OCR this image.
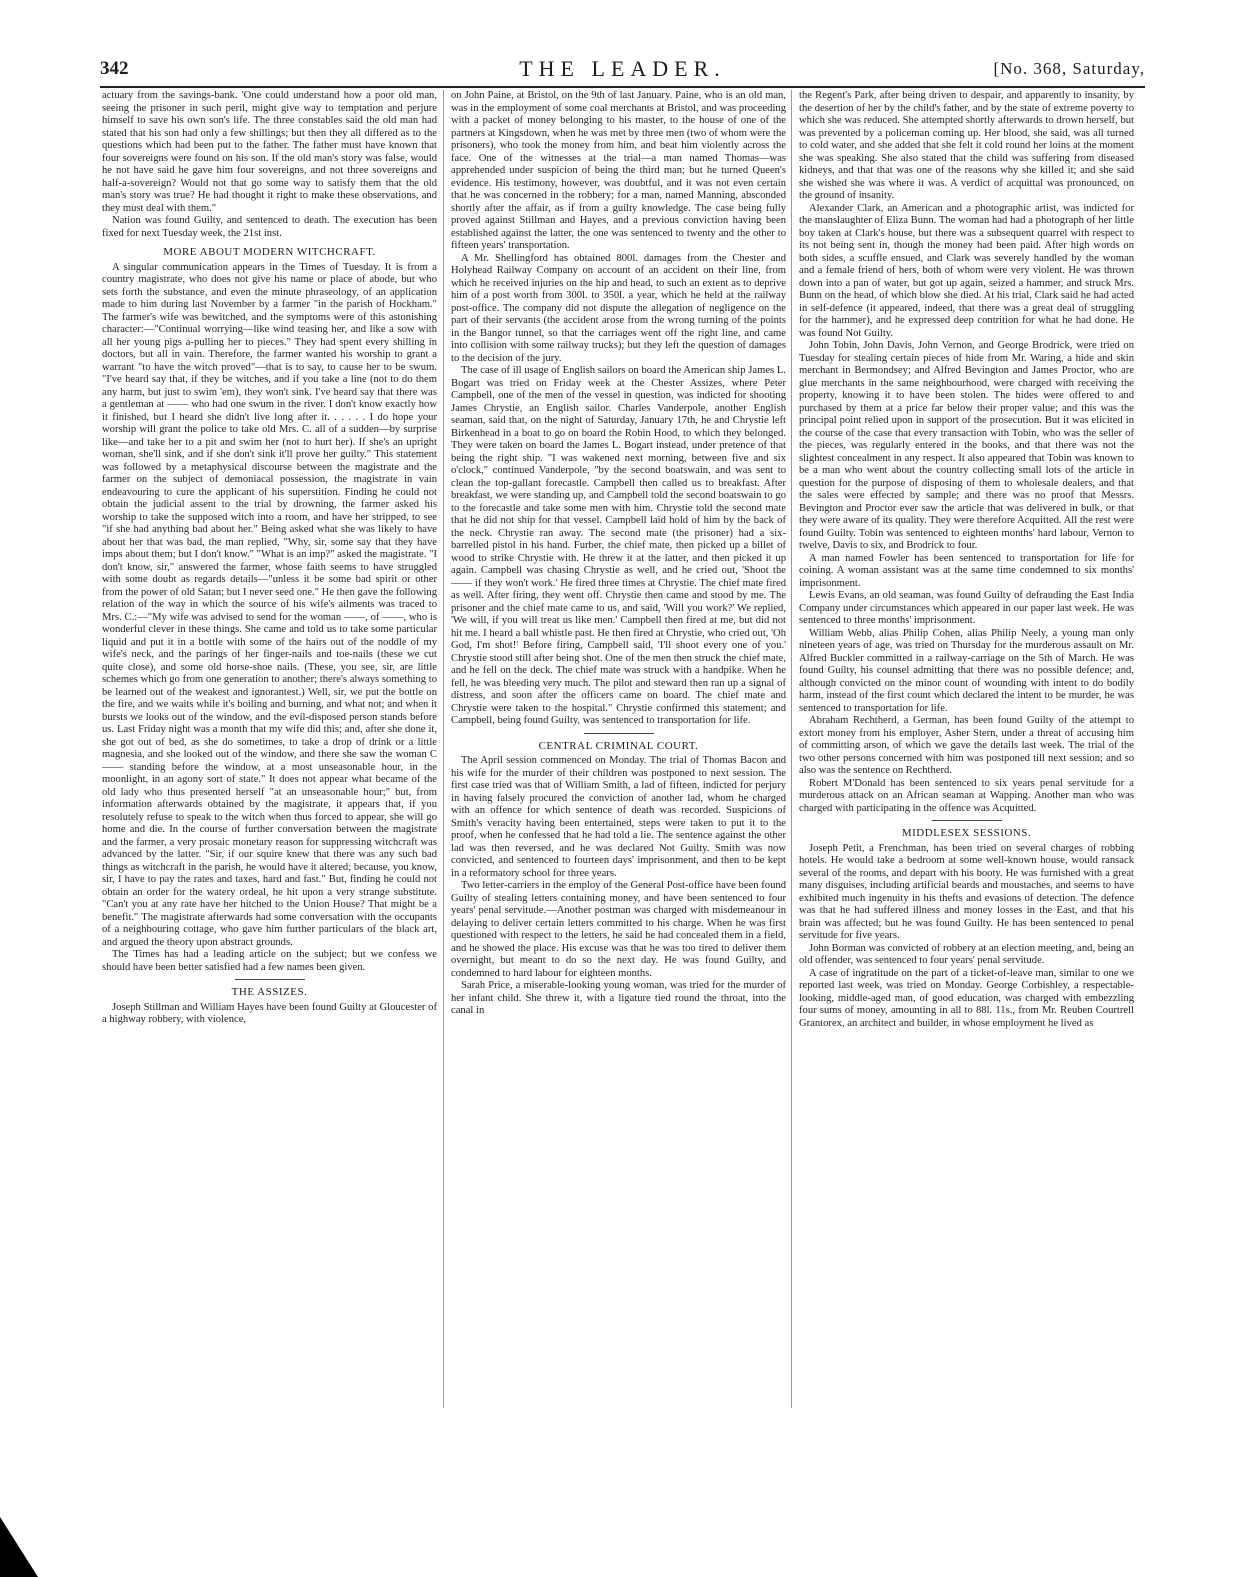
342	THE LEADER.	[No. 368, Saturday,

actuary from the savings-bank. 'One could understand how a poor old man, seeing the prisoner in such peril, might give way to temptation and perjure himself to save his own son's life. The three constables said the old man had stated that his son had only a few shillings; but then they all differed as to the questions which had been put to the father. The father must have known that four sovereigns were found on his son. If the old man's story was false, would he not have said he gave him four sovereigns, and not three sovereigns and half-a-sovereign? Would not that go some way to satisfy them that the old man's story was true? He had thought it right to make these observations, and they must deal with them."

Nation was found Guilty, and sentenced to death. The execution has been fixed for next Tuesday week, the 21st inst.

MORE ABOUT MODERN WITCHCRAFT.

A singular communication appears in the Times of Tuesday. It is from a country magistrate, who does not give his name or place of abode, but who sets forth the substance, and even the minute phraseology, of an application made to him during last November by a farmer "in the parish of Hockham." The farmer's wife was bewitched, and the symptoms were of this astonishing character:—"Continual worrying—like wind teasing her, and like a sow with all her young pigs a-pulling her to pieces." They had spent every shilling in doctors, but all in vain. Therefore, the farmer wanted his worship to grant a warrant "to have the witch proved"—that is to say, to cause her to be swum. "I've heard say that, if they be witches, and if you take a line (not to do them any harm, but just to swim 'em), they won't sink. I've heard say that there was a gentleman at —— who had one swum in the river. I don't know exactly how it finished, but I heard she didn't live long after it. . . . . . I do hope your worship will grant the police to take old Mrs. C. all of a sudden—by surprise like—and take her to a pit and swim her (not to hurt her). If she's an upright woman, she'll sink, and if she don't sink it'll prove her guilty." This statement was followed by a metaphysical discourse between the magistrate and the farmer on the subject of demoniacal possession, the magistrate in vain endeavouring to cure the applicant of his superstition. Finding he could not obtain the judicial assent to the trial by drowning, the farmer asked his worship to take the supposed witch into a room, and have her stripped, to see "if she had anything bad about her." Being asked what she was likely to have about her that was bad, the man replied, "Why, sir, some say that they have imps about them; but I don't know." "What is an imp?" asked the magistrate. "I don't know, sir," answered the farmer, whose faith seems to have struggled with some doubt as regards details—"unless it be some bad spirit or other from the power of old Satan; but I never seed one." He then gave the following relation of the way in which the source of his wife's ailments was traced to Mrs. C.:—"My wife was advised to send for the woman ——, of ——, who is wonderful clever in these things. She came and told us to take some particular liquid and put it in a bottle with some of the hairs out of the noddle of my wife's neck, and the parings of her finger-nails and toe-nails (these we cut quite close), and some old horse-shoe nails. (These, you see, sir, are little schemes which go from one generation to another; there's always something to be learned out of the weakest and ignorantest.) Well, sir, we put the bottle on the fire, and we waits while it's boiling and burning, and what not; and when it bursts we looks out of the window, and the evil-disposed person stands before us. Last Friday night was a month that my wife did this; and, after she done it, she got out of bed, as she do sometimes, to take a drop of drink or a little magnesia, and she looked out of the window, and there she saw the woman C—— standing before the window, at a most unseasonable hour, in the moonlight, in an agony sort of state." It does not appear what became of the old lady who thus presented herself "at an unseasonable hour;" but, from information afterwards obtained by the magistrate, it appears that, if you resolutely refuse to speak to the witch when thus forced to appear, she will go home and die. In the course of further conversation between the magistrate and the farmer, a very prosaic monetary reason for suppressing witchcraft was advanced by the latter. "Sir, if our squire knew that there was any such bad things as witchcraft in the parish, he would have it altered; because, you know, sir, I have to pay the rates and taxes, hard and fast." But, finding he could not obtain an order for the watery ordeal, he hit upon a very strange substitute. "Can't you at any rate have her hitched to the Union House? That might be a benefit." The magistrate afterwards had some conversation with the occupants of a neighbouring cottage, who gave him further particulars of the black art, and argued the theory upon abstract grounds.

The Times has had a leading article on the subject; but we confess we should have been better satisfied had a few names been given.

THE ASSIZES.

Joseph Stillman and William Hayes have been found Guilty at Gloucester of a highway robbery, with violence,

on John Paine, at Bristol, on the 9th of last January. Paine, who is an old man, was in the employment of some coal merchants at Bristol, and was proceeding with a packet of money belonging to his master, to the house of one of the partners at Kingsdown, when he was met by three men (two of whom were the prisoners), who took the money from him, and beat him violently across the face. One of the witnesses at the trial—a man named Thomas—was apprehended under suspicion of being the third man; but he turned Queen's evidence. His testimony, however, was doubtful, and it was not even certain that he was concerned in the robbery; for a man, named Manning, absconded shortly after the affair, as if from a guilty knowledge. The case being fully proved against Stillman and Hayes, and a previous conviction having been established against the latter, the one was sentenced to twenty and the other to fifteen years' transportation.

A Mr. Shellingford has obtained 800l. damages from the Chester and Holyhead Railway Company on account of an accident on their line, from which he received injuries on the hip and head, to such an extent as to deprive him of a post worth from 300l. to 350l. a year, which he held at the railway post-office. The company did not dispute the allegation of negligence on the part of their servants (the accident arose from the wrong turning of the points in the Bangor tunnel, so that the carriages went off the right line, and came into collision with some railway trucks); but they left the question of damages to the decision of the jury.

The case of ill usage of English sailors on board the American ship James L. Bogart was tried on Friday week at the Chester Assizes, where Peter Campbell, one of the men of the vessel in question, was indicted for shooting James Chrystie, an English sailor. Charles Vanderpole, another English seaman, said that, on the night of Saturday, January 17th, he and Chrystie left Birkenhead in a boat to go on board the Robin Hood, to which they belonged. They were taken on board the James L. Bogart instead, under pretence of that being the right ship. "I was wakened next morning, between five and six o'clock," continued Vanderpole, "by the second boatswain, and was sent to clean the top-gallant forecastle. Campbell then called us to breakfast. After breakfast, we were standing up, and Campbell told the second boatswain to go to the forecastle and take some men with him. Chrystie told the second mate that he did not ship for that vessel. Campbell laid hold of him by the back of the neck. Chrystie ran away. The second mate (the prisoner) had a six-barrelled pistol in his hand. Furber, the chief mate, then picked up a billet of wood to strike Chrystie with. He threw it at the latter, and then picked it up again. Campbell was chasing Chrystie as well, and he cried out, 'Shoot the—— if they won't work.' He fired three times at Chrystie. The chief mate fired as well. After firing, they went off. Chrystie then came and stood by me. The prisoner and the chief mate came to us, and said, 'Will you work?' We replied, 'We will, if you will treat us like men.' Campbell then fired at me, but did not hit me. I heard a ball whistle past. He then fired at Chrystie, who cried out, 'Oh God, I'm shot!' Before firing, Campbell said, 'I'll shoot every one of you.' Chrystie stood still after being shot. One of the men then struck the chief mate, and he fell on the deck. The chief mate was struck with a handpike. When he fell, he was bleeding very much. The pilot and steward then ran up a signal of distress, and soon after the officers came on board. The chief mate and Chrystie were taken to the hospital." Chrystie confirmed this statement; and Campbell, being found Guilty, was sentenced to transportation for life.

CENTRAL CRIMINAL COURT.

The April session commenced on Monday. The trial of Thomas Bacon and his wife for the murder of their children was postponed to next session. The first case tried was that of William Smith, a lad of fifteen, indicted for perjury in having falsely procured the conviction of another lad, whom he charged with an offence for which sentence of death was recorded. Suspicions of Smith's veracity having been entertained, steps were taken to put it to the proof, when he confessed that he had told a lie. The sentence against the other lad was then reversed, and he was declared Not Guilty. Smith was now convicted, and sentenced to fourteen days' imprisonment, and then to be kept in a reformatory school for three years.

Two letter-carriers in the employ of the General Post-office have been found Guilty of stealing letters containing money, and have been sentenced to four years' penal servitude.—Another postman was charged with misdemeanour in delaying to deliver certain letters committed to his charge. When he was first questioned with respect to the letters, he said he had concealed them in a field, and he showed the place. His excuse was that he was too tired to deliver them overnight, but meant to do so the next day. He was found Guilty, and condemned to hard labour for eighteen months.

Sarah Price, a miserable-looking young woman, was tried for the murder of her infant child. She threw it, with a ligature tied round the throat, into the canal in

the Regent's Park, after being driven to despair, and apparently to insanity, by the desertion of her by the child's father, and by the state of extreme poverty to which she was reduced. She attempted shortly afterwards to drown herself, but was prevented by a policeman coming up. Her blood, she said, was all turned to cold water, and she added that she felt it cold round her loins at the moment she was speaking. She also stated that the child was suffering from diseased kidneys, and that that was one of the reasons why she killed it; and she said she wished she was where it was. A verdict of acquittal was pronounced, on the ground of insanity.

Alexander Clark, an American and a photographic artist, was indicted for the manslaughter of Eliza Bunn. The woman had had a photograph of her little boy taken at Clark's house, but there was a subsequent quarrel with respect to its not being sent in, though the money had been paid. After high words on both sides, a scuffle ensued, and Clark was severely handled by the woman and a female friend of hers, both of whom were very violent. He was thrown down into a pan of water, but got up again, seized a hammer, and struck Mrs. Bunn on the head, of which blow she died. At his trial, Clark said he had acted in self-defence (it appeared, indeed, that there was a great deal of struggling for the hammer), and he expressed deep contrition for what he had done. He was found Not Guilty.

John Tobin, John Davis, John Vernon, and George Brodrick, were tried on Tuesday for stealing certain pieces of hide from Mr. Waring, a hide and skin merchant in Bermondsey; and Alfred Bevington and James Proctor, who are glue merchants in the same neighbourhood, were charged with receiving the property, knowing it to have been stolen. The hides were offered to and purchased by them at a price far below their proper value; and this was the principal point relied upon in support of the prosecution. But it was elicited in the course of the case that every transaction with Tobin, who was the seller of the pieces, was regularly entered in the books, and that there was not the slightest concealment in any respect. It also appeared that Tobin was known to be a man who went about the country collecting small lots of the article in question for the purpose of disposing of them to wholesale dealers, and that the sales were effected by sample; and there was no proof that Messrs. Bevington and Proctor ever saw the article that was delivered in bulk, or that they were aware of its quality. They were therefore Acquitted. All the rest were found Guilty. Tobin was sentenced to eighteen months' hard labour, Vernon to twelve, Davis to six, and Brodrick to four.

A man named Fowler has been sentenced to transportation for life for coining. A woman assistant was at the same time condemned to six months' imprisonment.

Lewis Evans, an old seaman, was found Guilty of defrauding the East India Company under circumstances which appeared in our paper last week. He was sentenced to three months' imprisonment.

William Webb, alias Philip Cohen, alias Philip Neely, a young man only nineteen years of age, was tried on Thursday for the murderous assault on Mr. Alfred Buckler committed in a railway-carriage on the 5th of March. He was found Guilty, his counsel admitting that there was no possible defence; and, although convicted on the minor count of wounding with intent to do bodily harm, instead of the first count which declared the intent to be murder, he was sentenced to transportation for life.

Abraham Rechtherd, a German, has been found Guilty of the attempt to extort money from his employer, Asher Stern, under a threat of accusing him of committing arson, of which we gave the details last week. The trial of the two other persons concerned with him was postponed till next session; and so also was the sentence on Rechtherd.

Robert M'Donald has been sentenced to six years penal servitude for a murderous attack on an African seaman at Wapping. Another man who was charged with participating in the offence was Acquitted.

MIDDLESEX SESSIONS.

Joseph Petit, a Frenchman, has been tried on several charges of robbing hotels. He would take a bedroom at some well-known house, would ransack several of the rooms, and depart with his booty. He was furnished with a great many disguises, including artificial beards and moustaches, and seems to have exhibited much ingenuity in his thefts and evasions of detection. The defence was that he had suffered illness and money losses in the East, and that his brain was affected; but he was found Guilty. He has been sentenced to penal servitude for five years.

John Borman was convicted of robbery at an election meeting, and, being an old offender, was sentenced to four years' penal servitude.

A case of ingratitude on the part of a ticket-of-leave man, similar to one we reported last week, was tried on Monday. George Corbishley, a respectable-looking, middle-aged man, of good education, was charged with embezzling four sums of money, amounting in all to 88l. 11s., from Mr. Reuben Courtrell Grantorex, an architect and builder, in whose employment he lived as
